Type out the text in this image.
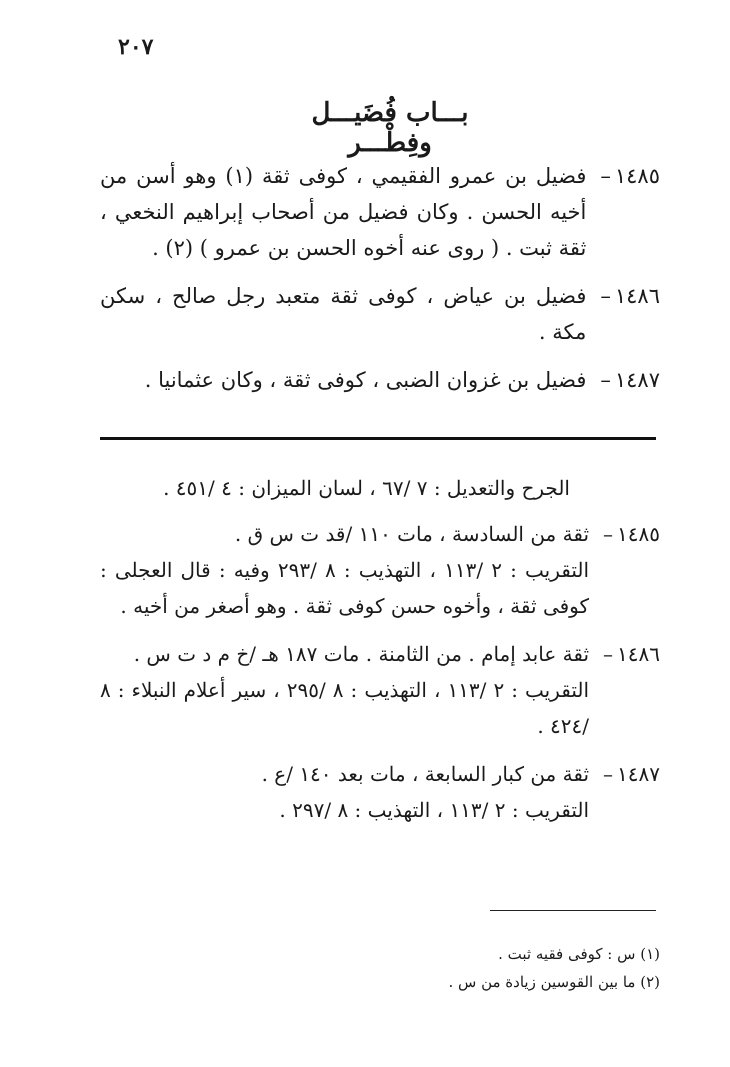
٢٠٧
بـــاب فُضَيـــل وفِطْـــر
١٤٨٥–
فضيل بن عمرو الفقيمي ، كوفى ثقة (١) وهو أسن من أخيه الحسن . وكان فضيل من أصحاب إبراهيم النخعي ، ثقة ثبت . ( روى عنه أخوه الحسن بن عمرو ) (٢) .
١٤٨٦–
فضيل بن عياض ، كوفى ثقة متعبد رجل صالح ، سكن مكة .
١٤٨٧–
فضيل بن غزوان الضبى ، كوفى ثقة ، وكان عثمانيا .
الجرح والتعديل : ٧ /٦٧ ، لسان الميزان : ٤ /٤٥١ .
١٤٨٥–

ثقة من السادسة ، مات ١١٠ /قد ت س ق .

التقريب : ٢ /١١٣ ، التهذيب : ٨ /٢٩٣ وفيه : قال العجلى : كوفى ثقة ، وأخوه حسن كوفى ثقة . وهو أصغر من أخيه .

١٤٨٦–

ثقة عابد إمام . من الثامنة . مات ١٨٧ هـ /خ م د ت س .

التقريب : ٢ /١١٣ ، التهذيب : ٨ /٢٩٥ ، سير أعلام النبلاء : ٨ /٤٢٤ .

١٤٨٧–

ثقة من كبار السابعة ، مات بعد ١٤٠ /ع .

التقريب : ٢ /١١٣ ، التهذيب : ٨ /٢٩٧ .

(١) س : كوفى فقيه ثبت .

(٢) ما بين القوسين زيادة من س .
